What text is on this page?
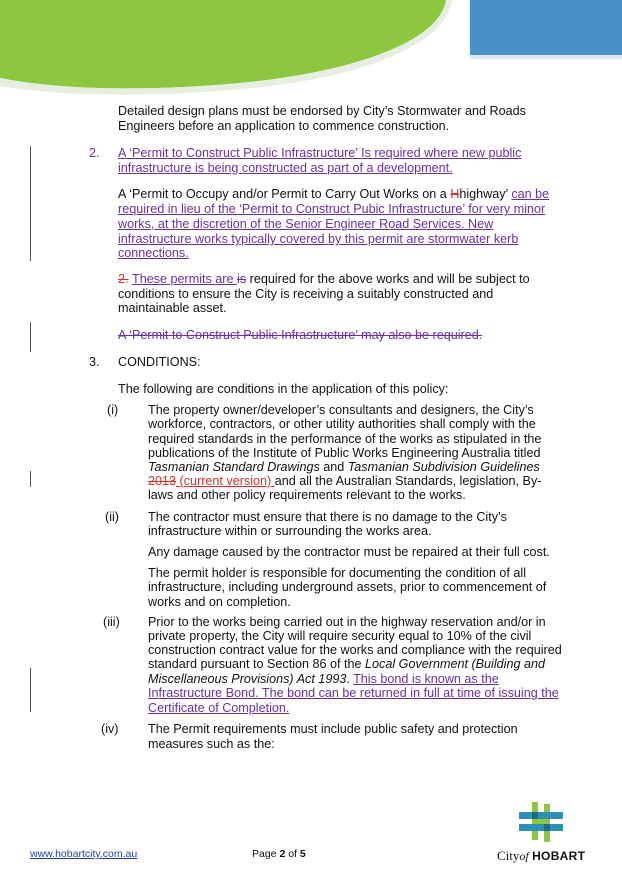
Detailed design plans must be endorsed by City’s Stormwater and Roads

Engineers before an application to commence construction.

2. A ‘Permit to Construct Public Infrastructure’ Is required where new public

infrastructure is being constructed as part of a development.

A ‘Permit to Occupy and/or Permit to Carry Out Works on a Hhighway’ can be

required in lieu of the ‘Permit to Construct Pubic Infrastructure’ for very minor

works, at the discretion of the Senior Engineer Road Services. New

infrastructure works typically covered by this permit are stormwater kerb

connections.

2. These permits are is required for the above works and will be subject to

conditions to ensure the City is receiving a suitably constructed and

maintainable asset.

A ‘Permit to Construct Public Infrastructure’ may also be required.

3. CONDITIONS:

The following are conditions in the application of this policy:

(i) The property owner/developer’s consultants and designers, the City’s

workforce, contractors, or other utility authorities shall comply with the

required standards in the performance of the works as stipulated in the

publications of the Institute of Public Works Engineering Australia titled

Tasmanian Standard Drawings and Tasmanian Subdivision Guidelines

2013 (current version) and all the Australian Standards, legislation, By-

laws and other policy requirements relevant to the works.

(ii) The contractor must ensure that there is no damage to the City’s

infrastructure within or surrounding the works area.

Any damage caused by the contractor must be repaired at their full cost.

The permit holder is responsible for documenting the condition of all

infrastructure, including underground assets, prior to commencement of

works and on completion.

(iii) Prior to the works being carried out in the highway reservation and/or in

private property, the City will require security equal to 10% of the civil

construction contract value for the works and compliance with the required

standard pursuant to Section 86 of the Local Government (Building and

Miscellaneous Provisions) Act 1993. This bond is known as the

Infrastructure Bond. The bond can be returned in full at time of issuing the

Certificate of Completion.

(iv) The Permit requirements must include public safety and protection

measures such as the:

www.hobartcity.com.au	Page 2 of 5	Cityof HOBART
